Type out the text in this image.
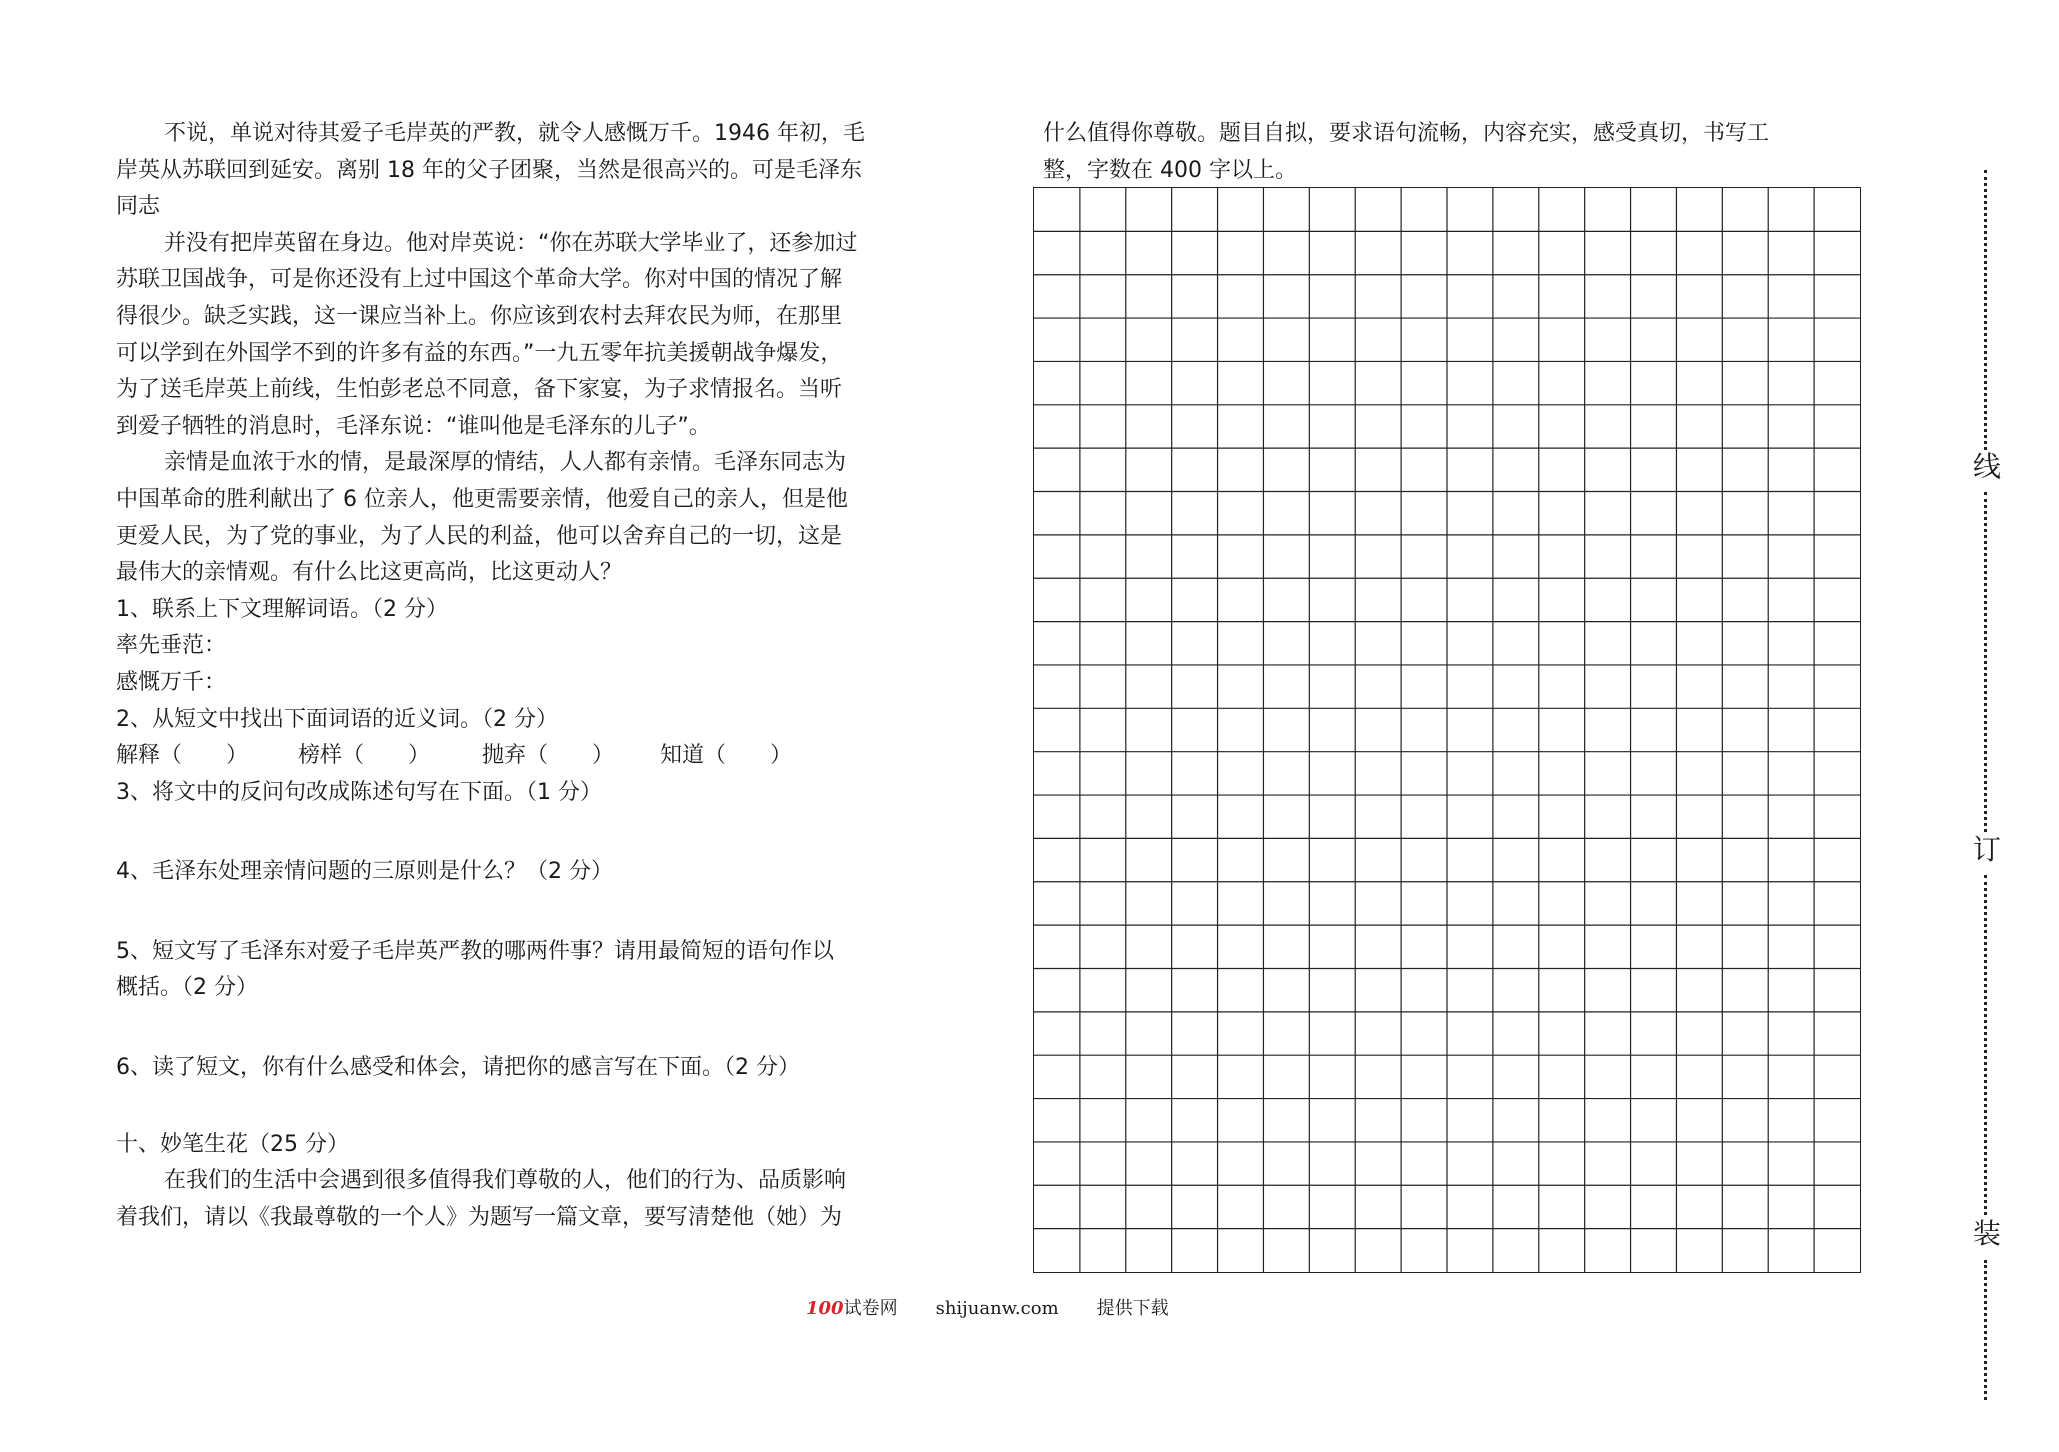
不说，单说对待其爱子毛岸英的严教，就令人感慨万千。1946 年初，毛
岸英从苏联回到延安。离别 18 年的父子团聚，当然是很高兴的。可是毛泽东
同志
并没有把岸英留在身边。他对岸英说：“你在苏联大学毕业了，还参加过
苏联卫国战争，可是你还没有上过中国这个革命大学。你对中国的情况了解
得很少。缺乏实践，这一课应当补上。你应该到农村去拜农民为师，在那里
可以学到在外国学不到的许多有益的东西。”一九五零年抗美援朝战争爆发，
为了送毛岸英上前线，生怕彭老总不同意，备下家宴，为子求情报名。当听
到爱子牺牲的消息时，毛泽东说：“谁叫他是毛泽东的儿子”。
亲情是血浓于水的情，是最深厚的情结，人人都有亲情。毛泽东同志为
中国革命的胜利献出了 6 位亲人，他更需要亲情，他爱自己的亲人，但是他
更爱人民，为了党的事业，为了人民的利益，他可以舍弃自己的一切，这是
最伟大的亲情观。有什么比这更高尚，比这更动人？
1、联系上下文理解词语。（2 分）
率先垂范：
感慨万千：
2、从短文中找出下面词语的近义词。（2 分）
解释（　　）	榜样（　　）	抛弃（　　）	知道（　　）
3、将文中的反问句改成陈述句写在下面。（1 分）
4、毛泽东处理亲情问题的三原则是什么？（2 分）
5、短文写了毛泽东对爱子毛岸英严教的哪两件事？请用最简短的语句作以
概括。（2 分）
6、读了短文，你有什么感受和体会，请把你的感言写在下面。（2 分）
十、妙笔生花（25 分）
在我们的生活中会遇到很多值得我们尊敬的人，他们的行为、品质影响
着我们，请以《我最尊敬的一个人》为题写一篇文章，要写清楚他（她）为
什么值得你尊敬。题目自拟，要求语句流畅，内容充实，感受真切，书写工
整，字数在 400 字以上。
线
订
装
100试卷网 shijuanw.com 提供下载
